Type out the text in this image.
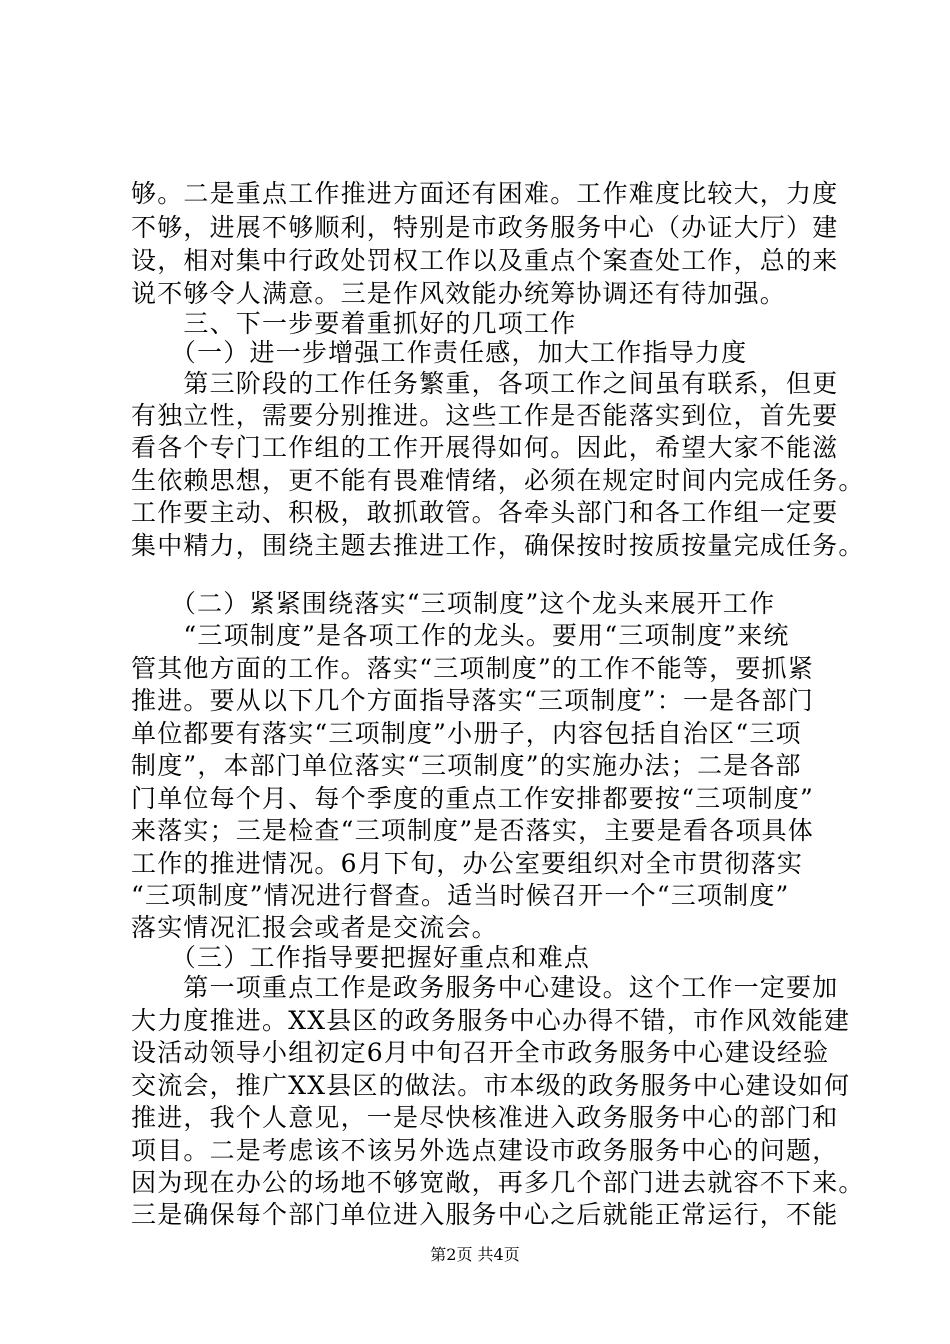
够。二是重点工作推进方面还有困难。工作难度比较大，力度

不够，进展不够顺利，特别是市政务服务中心（办证大厅）建

设，相对集中行政处罚权工作以及重点个案查处工作，总的来

说不够令人满意。三是作风效能办统筹协调还有待加强。

　　三、下一步要着重抓好的几项工作

　　（一）进一步增强工作责任感，加大工作指导力度

　　第三阶段的工作任务繁重，各项工作之间虽有联系，但更

有独立性，需要分别推进。这些工作是否能落实到位，首先要

看各个专门工作组的工作开展得如何。因此，希望大家不能滋

生依赖思想，更不能有畏难情绪，必须在规定时间内完成任务。

工作要主动、积极，敢抓敢管。各牵头部门和各工作组一定要

集中精力，围绕主题去推进工作，确保按时按质按量完成任务。

　　（二）紧紧围绕落实“三项制度”这个龙头来展开工作

　　“三项制度”是各项工作的龙头。要用“三项制度”来统

管其他方面的工作。落实“三项制度”的工作不能等，要抓紧

推进。要从以下几个方面指导落实“三项制度”：一是各部门

单位都要有落实“三项制度”小册子，内容包括自治区“三项

制度”，本部门单位落实“三项制度”的实施办法；二是各部

门单位每个月、每个季度的重点工作安排都要按“三项制度”

来落实；三是检查“三项制度”是否落实，主要是看各项具体

工作的推进情况。6月下旬，办公室要组织对全市贯彻落实

“三项制度”情况进行督查。适当时候召开一个“三项制度”

落实情况汇报会或者是交流会。

　　（三）工作指导要把握好重点和难点

　　第一项重点工作是政务服务中心建设。这个工作一定要加

大力度推进。XX县区的政务服务中心办得不错，市作风效能建

设活动领导小组初定6月中旬召开全市政务服务中心建设经验

交流会，推广XX县区的做法。市本级的政务服务中心建设如何

推进，我个人意见，一是尽快核准进入政务服务中心的部门和

项目。二是考虑该不该另外选点建设市政务服务中心的问题，

因为现在办公的场地不够宽敞，再多几个部门进去就容不下来。

三是确保每个部门单位进入服务中心之后就能正常运行，不能

第2页 共4页
